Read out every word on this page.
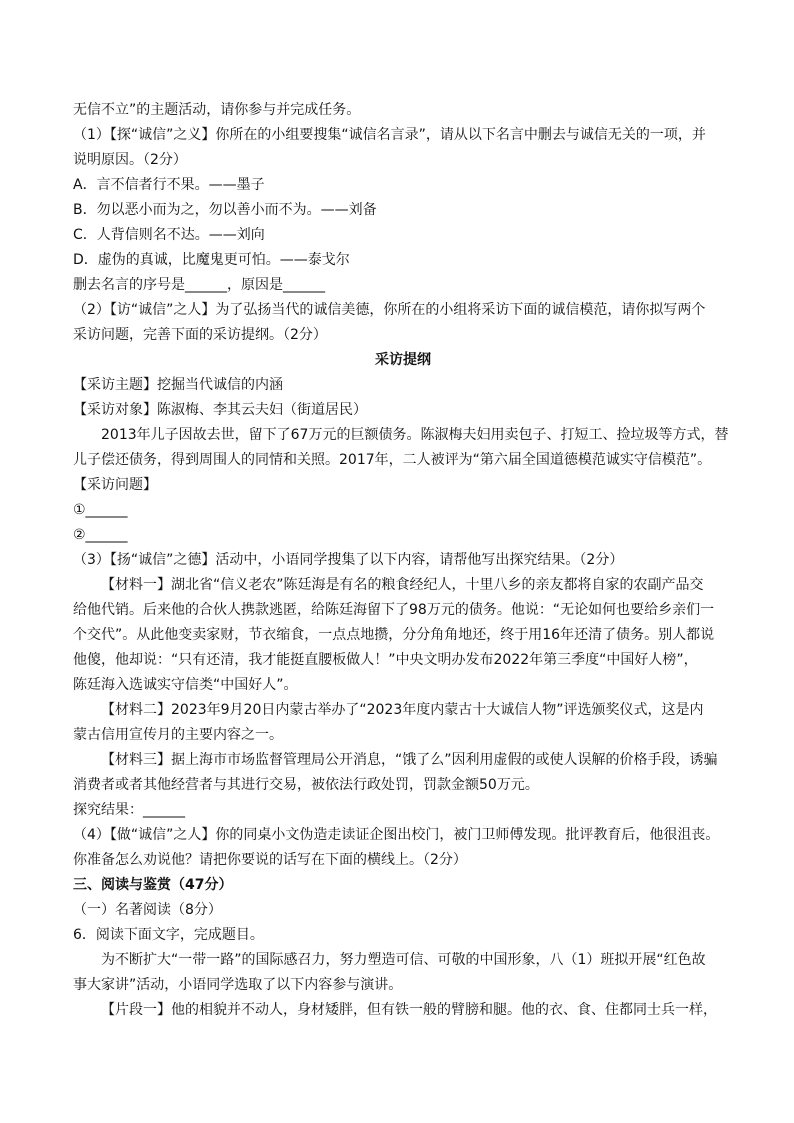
无信不立”的主题活动，请你参与并完成任务。
（1）【探“诚信”之义】你所在的小组要搜集“诚信名言录”，请从以下名言中删去与诚信无关的一项，并
说明原因。（2分）
A．言不信者行不果。——墨子
B．勿以恶小而为之，勿以善小而不为。——刘备
C．人背信则名不达。——刘向
D．虚伪的真诚，比魔鬼更可怕。——泰戈尔
删去名言的序号是______，原因是______
（2）【访“诚信”之人】为了弘扬当代的诚信美德，你所在的小组将采访下面的诚信模范，请你拟写两个
采访问题，完善下面的采访提纲。（2分）
采访提纲
【采访主题】挖掘当代诚信的内涵
【采访对象】陈淑梅、李其云夫妇（街道居民）
2013年儿子因故去世，留下了67万元的巨额债务。陈淑梅夫妇用卖包子、打短工、捡垃圾等方式，替
儿子偿还债务，得到周围人的同情和关照。2017年，二人被评为“第六届全国道德模范诚实守信模范”。
【采访问题】
①______
②______
（3）【扬“诚信”之德】活动中，小语同学搜集了以下内容，请帮他写出探究结果。（2分）
【材料一】湖北省“信义老农”陈廷海是有名的粮食经纪人，十里八乡的亲友都将自家的农副产品交
给他代销。后来他的合伙人携款逃匿，给陈廷海留下了98万元的债务。他说：“无论如何也要给乡亲们一
个交代”。从此他变卖家财，节衣缩食，一点点地攒，分分角角地还，终于用16年还清了债务。别人都说
他傻，他却说：“只有还清，我才能挺直腰板做人！”中央文明办发布2022年第三季度“中国好人榜”，
陈廷海入选诚实守信类“中国好人”。
【材料二】2023年9月20日内蒙古举办了“2023年度内蒙古十大诚信人物”评选颁奖仪式，这是内
蒙古信用宣传月的主要内容之一。
【材料三】据上海市市场监督管理局公开消息，“饿了么”因利用虚假的或使人误解的价格手段，诱骗
消费者或者其他经营者与其进行交易，被依法行政处罚，罚款金额50万元。
探究结果：______
（4）【做“诚信”之人】你的同桌小文伪造走读证企图出校门，被门卫师傅发现。批评教育后，他很沮丧。
你准备怎么劝说他？请把你要说的话写在下面的横线上。（2分）
三、阅读与鉴赏（47分）
（一）名著阅读（8分）
6．阅读下面文字，完成题目。
为不断扩大“一带一路”的国际感召力，努力塑造可信、可敬的中国形象，八（1）班拟开展“红色故
事大家讲”活动，小语同学选取了以下内容参与演讲。
【片段一】他的相貌并不动人，身材矮胖，但有铁一般的臂膀和腿。他的衣、食、住都同士兵一样，
